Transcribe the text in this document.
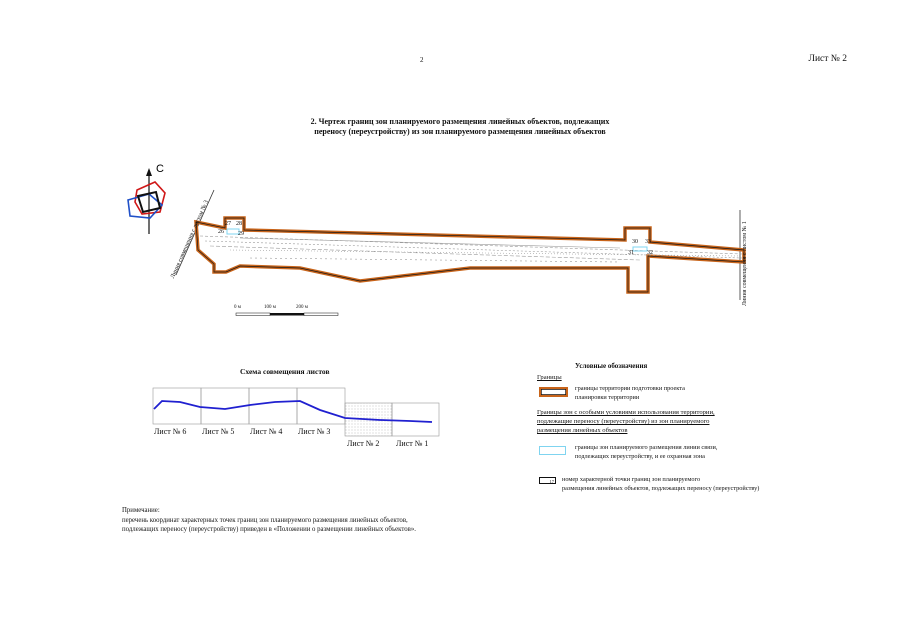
2	Лист № 2
2. Чертеж границ зон планируемого размещения линейных объектов, подлежащих
переносу (переустройству) из зон планируемого размещения линейных объектов
С
27 28
26 29
30 33
31 32
Линия совмещения с листом № 3	Линия совмещения с листом № 1
0 м	100 м	200 м
Схема совмещения листов
Лист № 6 Лист № 5 Лист № 4 Лист № 3
Лист № 2 Лист № 1
Условные обозначения
Границы
границы территории подготовки проекта
планировки территории
Границы зон с особыми условиями использования территории,
подлежащие переносу (переустройству) из зон планируемого
размещения линейных объектов
границы зон планируемого размещения линии связи,
подлежащих переустройству, и ее охранная зона
17	номер характерной точки границ зон планируемого
размещения линейных объектов, подлежащих переносу (переустройству)
Примечание:
перечень координат характерных точек границ зон планируемого размещения линейных объектов,
подлежащих переносу (переустройству) приведен в «Положении о размещении линейных объектов».
